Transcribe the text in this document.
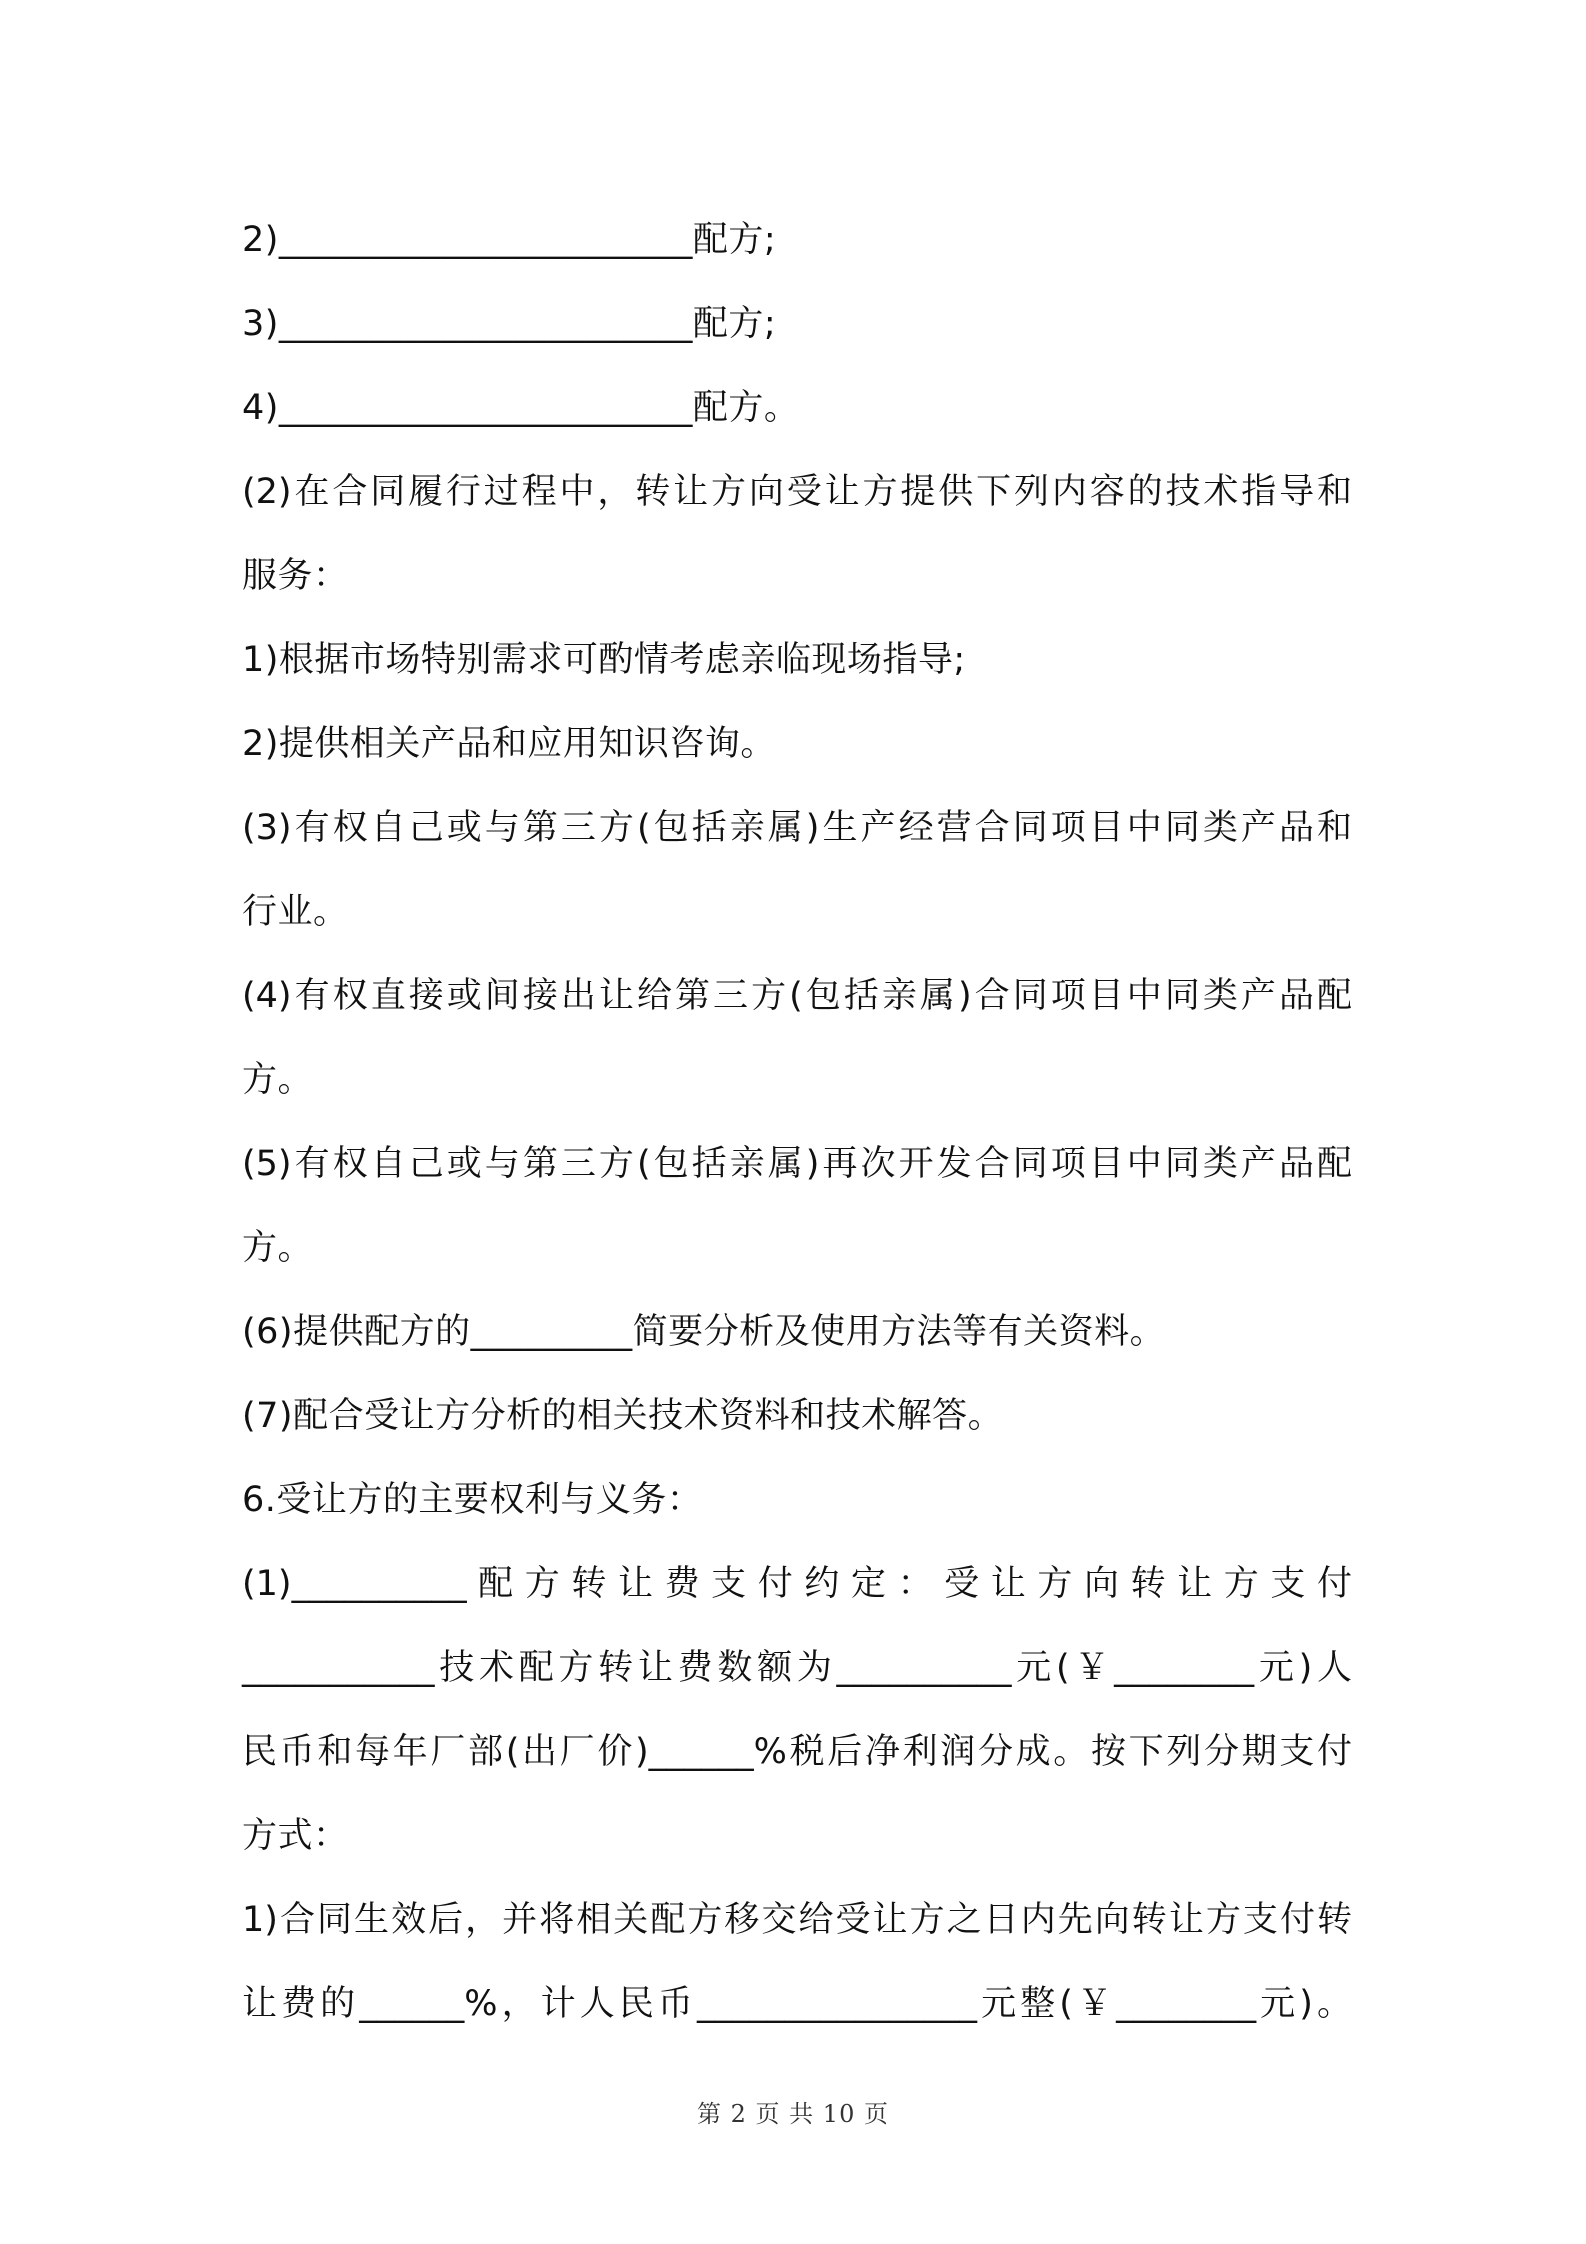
2)_______________________配方;
3)_______________________配方;
4)_______________________配方。
(2)在合同履行过程中，转让方向受让方提供下列内容的技术指导和
服务：
1)根据市场特别需求可酌情考虑亲临现场指导;
2)提供相关产品和应用知识咨询。
(3)有权自己或与第三方(包括亲属)生产经营合同项目中同类产品和
行业。
(4)有权直接或间接出让给第三方(包括亲属)合同项目中同类产品配
方。
(5)有权自己或与第三方(包括亲属)再次开发合同项目中同类产品配
方。
(6)提供配方的_________简要分析及使用方法等有关资料。
(7)配合受让方分析的相关技术资料和技术解答。
6.受让方的主要权利与义务：
(1)__________配方转让费支付约定：受让方向转让方支付
___________技术配方转让费数额为__________元(￥________元)人
民币和每年厂部(出厂价)______%税后净利润分成。按下列分期支付
方式：
1)合同生效后，并将相关配方移交给受让方之日内先向转让方支付转
让费的______%，计人民币________________元整(￥________元)。
第 2 页 共 10 页
